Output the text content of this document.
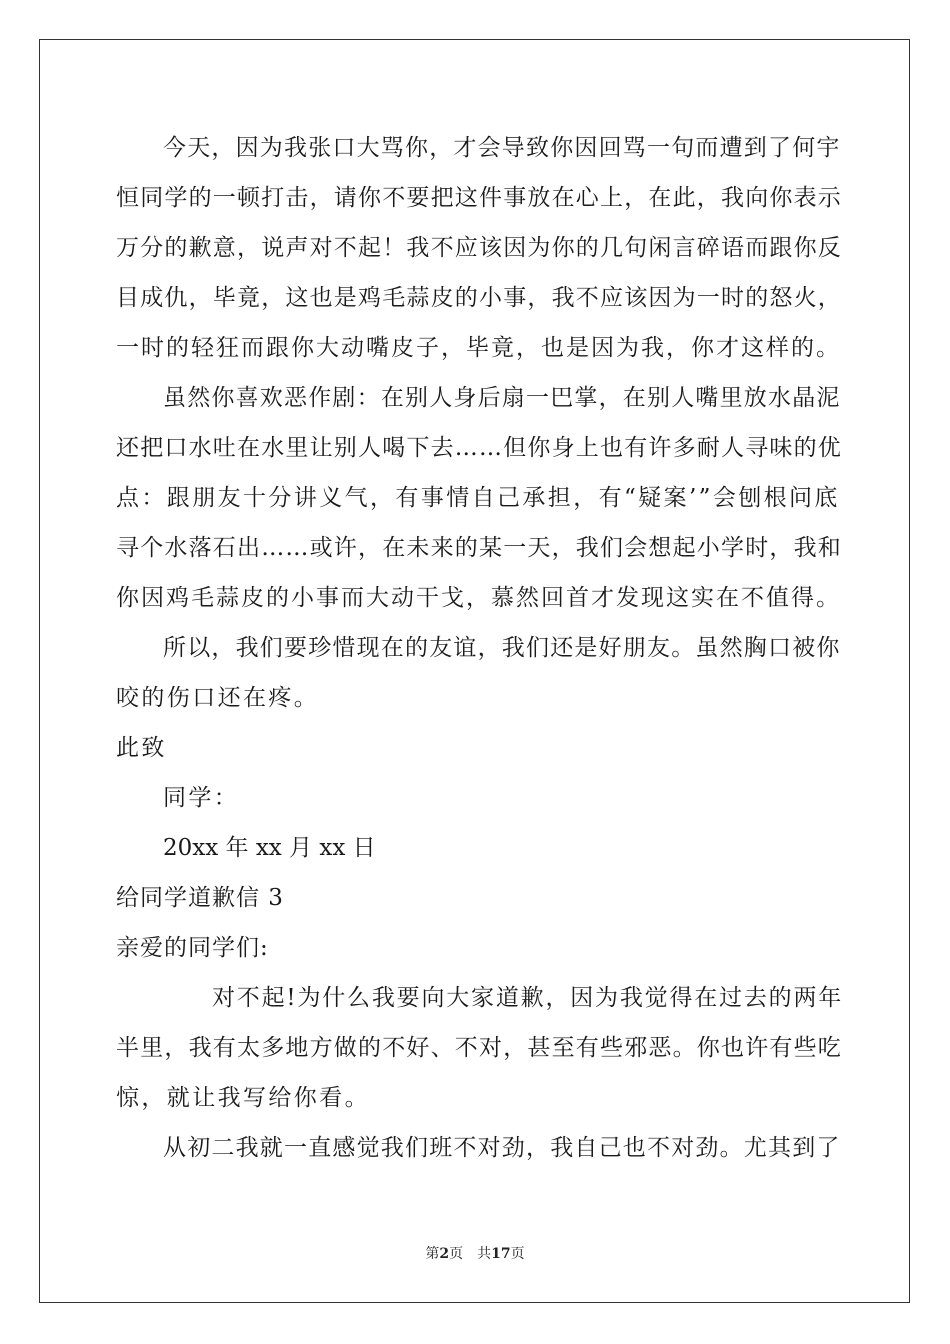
今天，因为我张口大骂你，才会导致你因回骂一句而遭到了何宇
恒同学的一顿打击，请你不要把这件事放在心上，在此，我向你表示
万分的歉意，说声对不起！我不应该因为你的几句闲言碎语而跟你反
目成仇，毕竟，这也是鸡毛蒜皮的小事，我不应该因为一时的怒火，
一时的轻狂而跟你大动嘴皮子，毕竟，也是因为我，你才这样的。
虽然你喜欢恶作剧：在别人身后扇一巴掌，在别人嘴里放水晶泥
还把口水吐在水里让别人喝下去……但你身上也有许多耐人寻味的优
点：跟朋友十分讲义气，有事情自己承担，有“疑案’”会刨根问底
寻个水落石出……或许，在未来的某一天，我们会想起小学时，我和
你因鸡毛蒜皮的小事而大动干戈，慕然回首才发现这实在不值得。
所以，我们要珍惜现在的友谊，我们还是好朋友。虽然胸口被你
咬的伤口还在疼。
此致
同学：
20xx 年 xx 月 xx 日
给同学道歉信 3
亲爱的同学们:
对不起!为什么我要向大家道歉，因为我觉得在过去的两年
半里，我有太多地方做的不好、不对，甚至有些邪恶。你也许有些吃
惊，就让我写给你看。
从初二我就一直感觉我们班不对劲，我自己也不对劲。尤其到了
第2页 共17页
